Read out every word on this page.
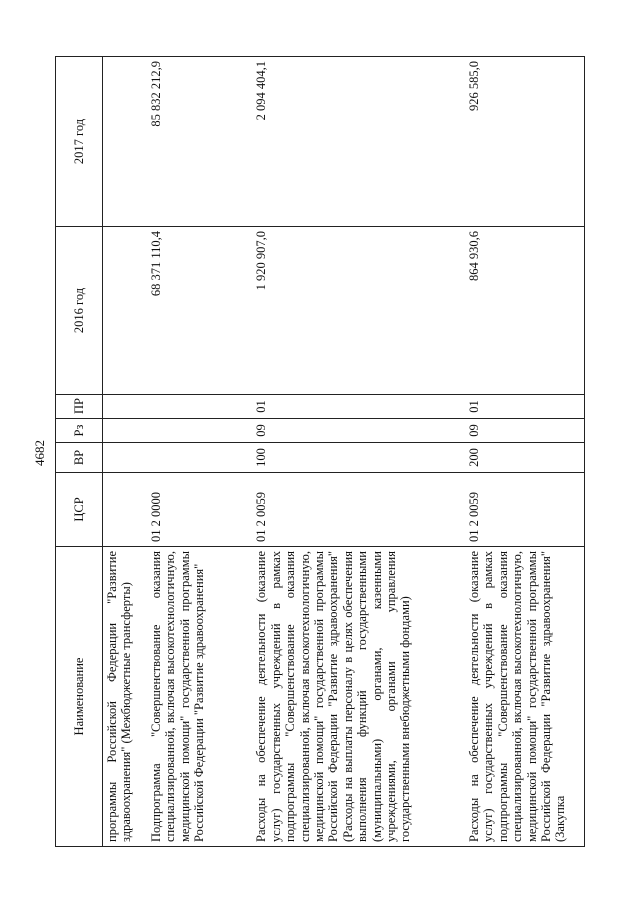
4682
Наименование	ЦСР	ВР	Рз	ПР	2016 год	2017 год
программы Российской Федерации "Развитие здравоохранения" (Межбюджетные трансферты)						
Подпрограмма "Совершенствование оказания специализированной, включая высокотехнологичную, медицинской помощи" государственной программы Российской Федерации "Развитие здравоохранения"	01 2 0000				68 371 110,4	85 832 212,9
Расходы на обеспечение деятельности (оказание услуг) государственных учреждений в рамках подпрограммы "Совершенствование оказания специализированной, включая высокотехнологичную, медицинской помощи" государственной программы Российской Федерации "Развитие здравоохранения" (Расходы на выплаты персоналу в целях обеспечения выполнения функций государственными (муниципальными) органами, казенными учреждениями, органами управления государственными внебюджетными фондами)	01 2 0059	100	09	01	1 920 907,0	2 094 404,1
Расходы на обеспечение деятельности (оказание услуг) государственных учреждений в рамках подпрограммы "Совершенствование оказания специализированной, включая высокотехнологичную, медицинской помощи" государственной программы Российской Федерации "Развитие здравоохранения" (Закупка	01 2 0059	200	09	01	864 930,6	926 585,0
